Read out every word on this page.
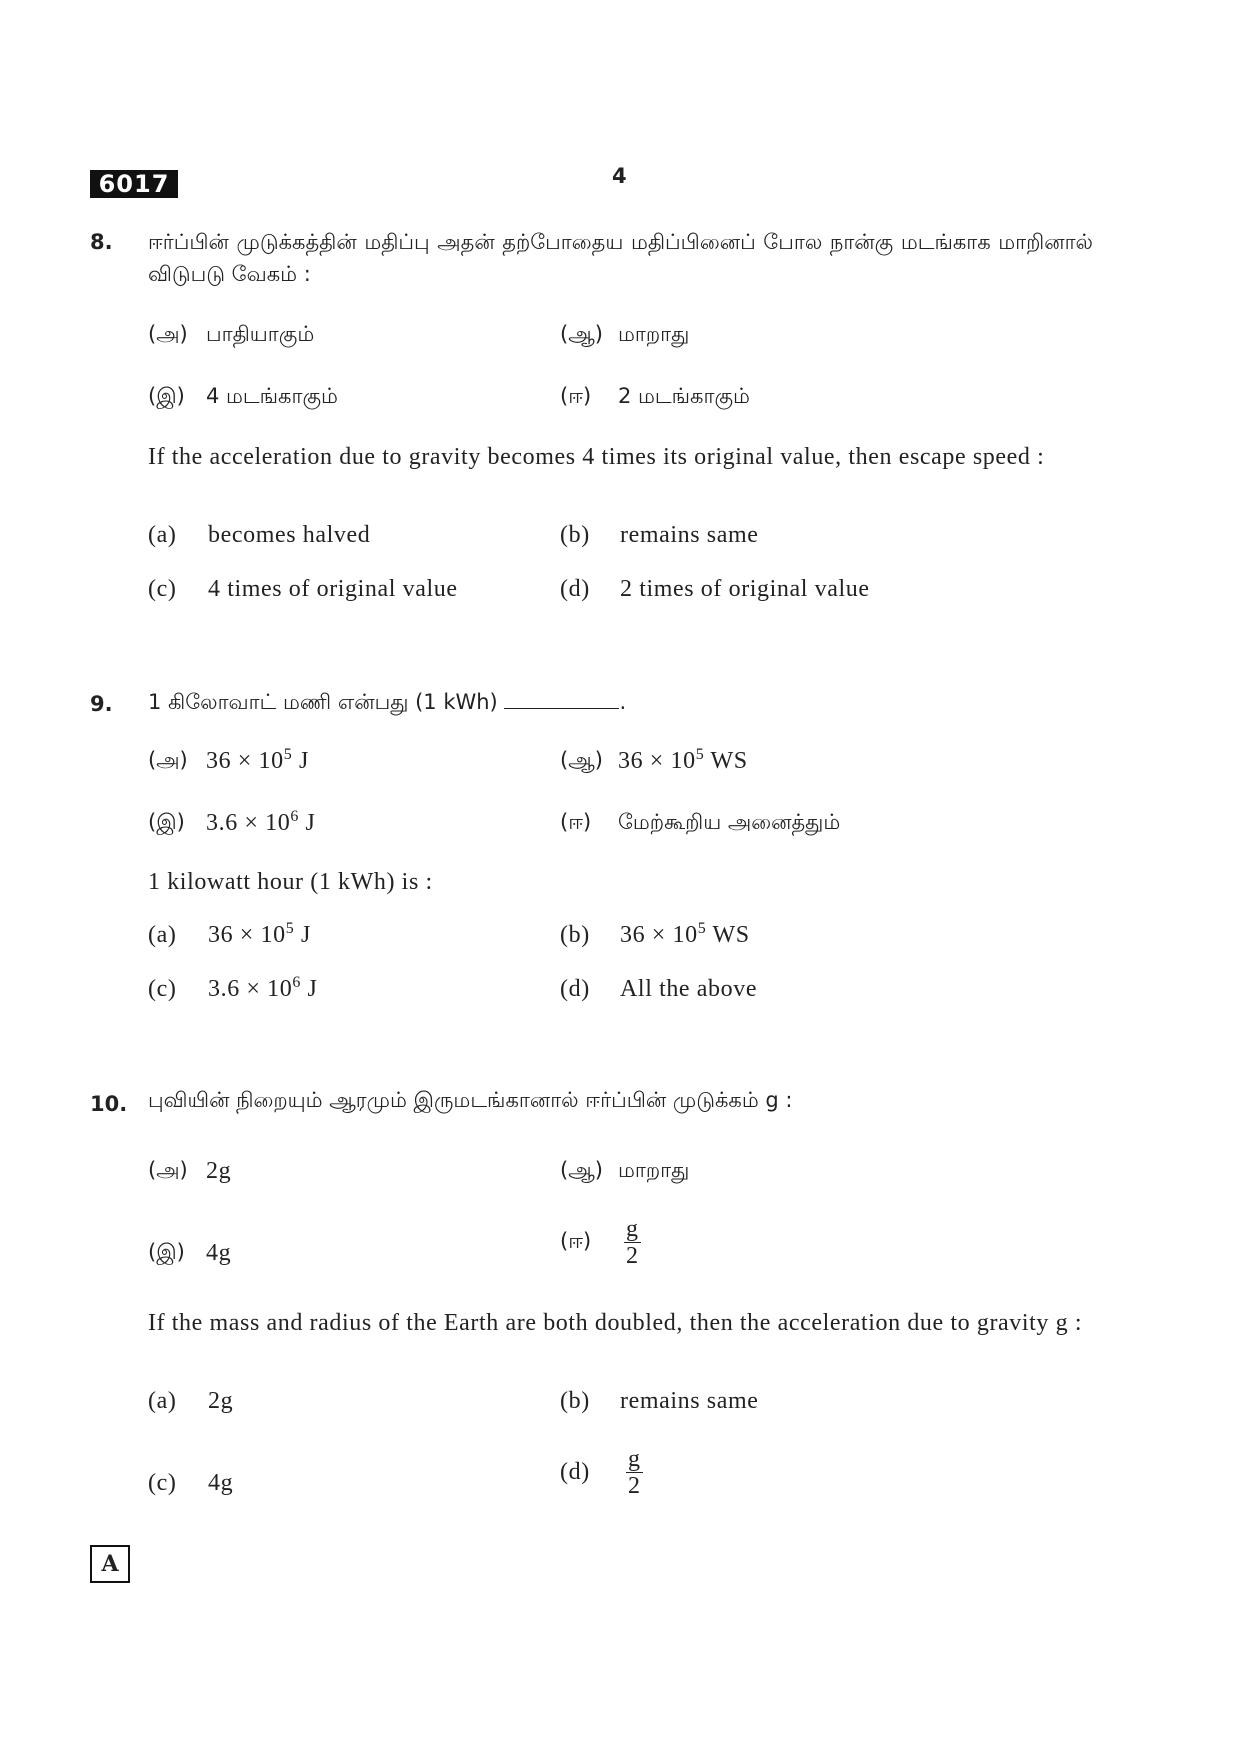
6017	4
8. ஈர்ப்பின் முடுக்கத்தின் மதிப்பு அதன் தற்போதைய மதிப்பினைப் போல நான்கு மடங்காக மாறினால் விடுபடு வேகம் :
(அ) பாதியாகும்	(ஆ) மாறாது
(இ)	4 மடங்காகும்	(ஈ)	2 மடங்காகும்
If the acceleration due to gravity becomes 4 times its original value, then escape speed :
(a)	becomes halved	(b)	remains same
(c)	4 times of original value	(d)	2 times of original value
9. 1 கிலோவாட் மணி என்பது (1 kWh)	.
(அ) $36 \times 10^5$ J	(ஆ) $36 \times 10^5$ WS
(இ) $3.6 \times 10^6$ J	(ஈ)	மேற்கூறிய அனைத்தும்
1 kilowatt hour (1 kWh) is :
(a)	$36 \times 10^5$ J	(b)	$36 \times 10^5$ WS
(c)	$3.6 \times 10^6$ J	(d)	All the above
10. புவியின் நிறையும் ஆரமும் இருமடங்கானால் ஈர்ப்பின் முடுக்கம் g :
(அ) 2g	(ஆ) மாறாது
(இ) 4g	(ஈ)	$\frac{g}{2}$
If the mass and radius of the Earth are both doubled, then the acceleration due to gravity g :
(a)	2g	(b)	remains same
(c)	4g	(d)	$\frac{g}{2}$
A
